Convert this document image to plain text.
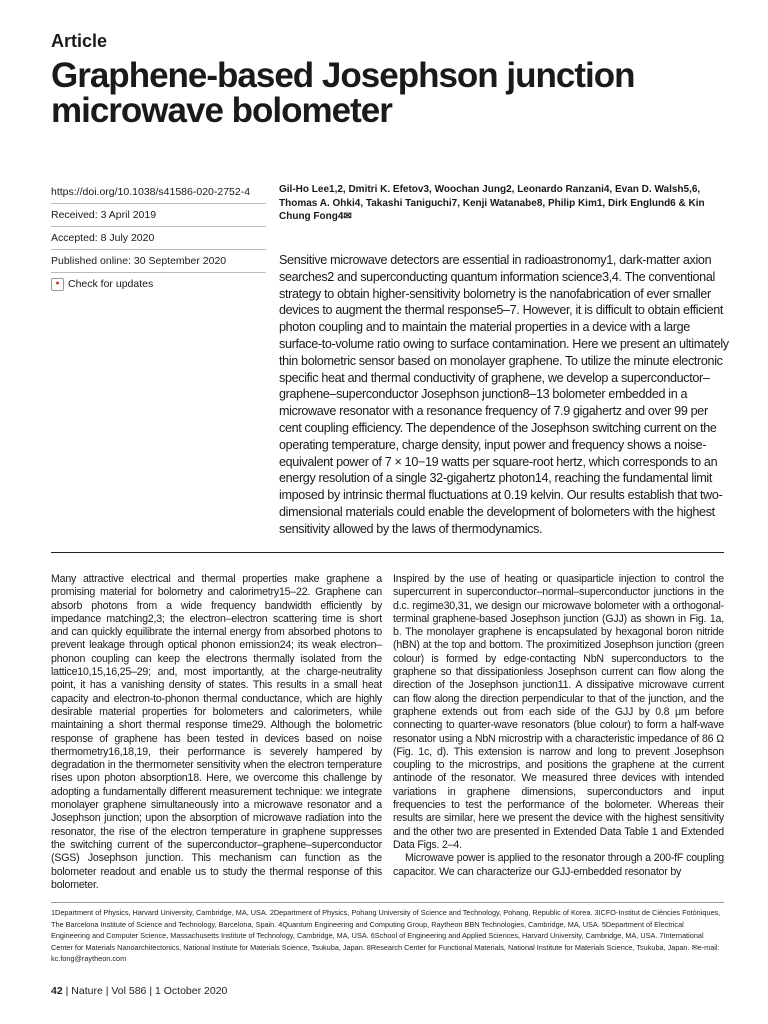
Article
Graphene-based Josephson junction microwave bolometer
https://doi.org/10.1038/s41586-020-2752-4
Received: 3 April 2019
Accepted: 8 July 2020
Published online: 30 September 2020
● Check for updates
Gil-Ho Lee1,2, Dmitri K. Efetov3, Woochan Jung2, Leonardo Ranzani4, Evan D. Walsh5,6, Thomas A. Ohki4, Takashi Taniguchi7, Kenji Watanabe8, Philip Kim1, Dirk Englund6 & Kin Chung Fong4✉
Sensitive microwave detectors are essential in radioastronomy1, dark-matter axion searches2 and superconducting quantum information science3,4. The conventional strategy to obtain higher-sensitivity bolometry is the nanofabrication of ever smaller devices to augment the thermal response5–7. However, it is difficult to obtain efficient photon coupling and to maintain the material properties in a device with a large surface-to-volume ratio owing to surface contamination. Here we present an ultimately thin bolometric sensor based on monolayer graphene. To utilize the minute electronic specific heat and thermal conductivity of graphene, we develop a superconductor–graphene–superconductor Josephson junction8–13 bolometer embedded in a microwave resonator with a resonance frequency of 7.9 gigahertz and over 99 per cent coupling efficiency. The dependence of the Josephson switching current on the operating temperature, charge density, input power and frequency shows a noise-equivalent power of 7 × 10−19 watts per square-root hertz, which corresponds to an energy resolution of a single 32-gigahertz photon14, reaching the fundamental limit imposed by intrinsic thermal fluctuations at 0.19 kelvin. Our results establish that two-dimensional materials could enable the development of bolometers with the highest sensitivity allowed by the laws of thermodynamics.

Many attractive electrical and thermal properties make graphene a promising material for bolometry and calorimetry15–22. Graphene can absorb photons from a wide frequency bandwidth efficiently by impedance matching2,3; the electron–electron scattering time is short and can quickly equilibrate the internal energy from absorbed photons to prevent leakage through optical phonon emission24; its weak electron–phonon coupling can keep the electrons thermally isolated from the lattice10,15,16,25–29; and, most importantly, at the charge-neutrality point, it has a vanishing density of states. This results in a small heat capacity and electron-to-phonon thermal conductance, which are highly desirable material properties for bolometers and calorimeters, while maintaining a short thermal response time29. Although the bolometric response of graphene has been tested in devices based on noise thermometry16,18,19, their performance is severely hampered by degradation in the thermometer sensitivity when the electron temperature rises upon photon absorption18. Here, we overcome this challenge by adopting a fundamentally different measurement technique: we integrate monolayer graphene simultaneously into a microwave resonator and a Josephson junction; upon the absorption of microwave radiation into the resonator, the rise of the electron temperature in graphene suppresses the switching current of the superconductor–graphene–superconductor (SGS) Josephson junction. This mechanism can function as the bolometer readout and enable us to study the thermal response of this bolometer.

Inspired by the use of heating or quasiparticle injection to control the supercurrent in superconductor–normal–superconductor junctions in the d.c. regime30,31, we design our microwave bolometer with a orthogonal-terminal graphene-based Josephson junction (GJJ) as shown in Fig. 1a, b. The monolayer graphene is encapsulated by hexagonal boron nitride (hBN) at the top and bottom. The proximitized Josephson junction (green colour) is formed by edge-contacting NbN superconductors to the graphene so that dissipationless Josephson current can flow along the direction of the Josephson junction11. A dissipative microwave current can flow along the direction perpendicular to that of the junction, and the graphene extends out from each side of the GJJ by 0.8 μm before connecting to quarter-wave resonators (blue colour) to form a half-wave resonator using a NbN microstrip with a characteristic impedance of 86 Ω (Fig. 1c, d). This extension is narrow and long to prevent Josephson coupling to the microstrips, and positions the graphene at the current antinode of the resonator. We measured three devices with intended variations in graphene dimensions, superconductors and input frequencies to test the performance of the bolometer. Whereas their results are similar, here we present the device with the highest sensitivity and the other two are presented in Extended Data Table 1 and Extended Data Figs. 2–4.

Microwave power is applied to the resonator through a 200-fF coupling capacitor. We can characterize our GJJ-embedded resonator by

1Department of Physics, Harvard University, Cambridge, MA, USA. 2Department of Physics, Pohang University of Science and Technology, Pohang, Republic of Korea. 3ICFO-Institut de Ciències Fotòniques, The Barcelona Institute of Science and Technology, Barcelona, Spain. 4Quantum Engineering and Computing Group, Raytheon BBN Technologies, Cambridge, MA, USA. 5Department of Electrical Engineering and Computer Science, Massachusetts Institute of Technology, Cambridge, MA, USA. 6School of Engineering and Applied Sciences, Harvard University, Cambridge, MA, USA. 7International Center for Materials Nanoarchitectonics, National Institute for Materials Science, Tsukuba, Japan. 8Research Center for Functional Materials, National Institute for Materials Science, Tsukuba, Japan. ✉e-mail: kc.fong@raytheon.com
42 | Nature | Vol 586 | 1 October 2020
